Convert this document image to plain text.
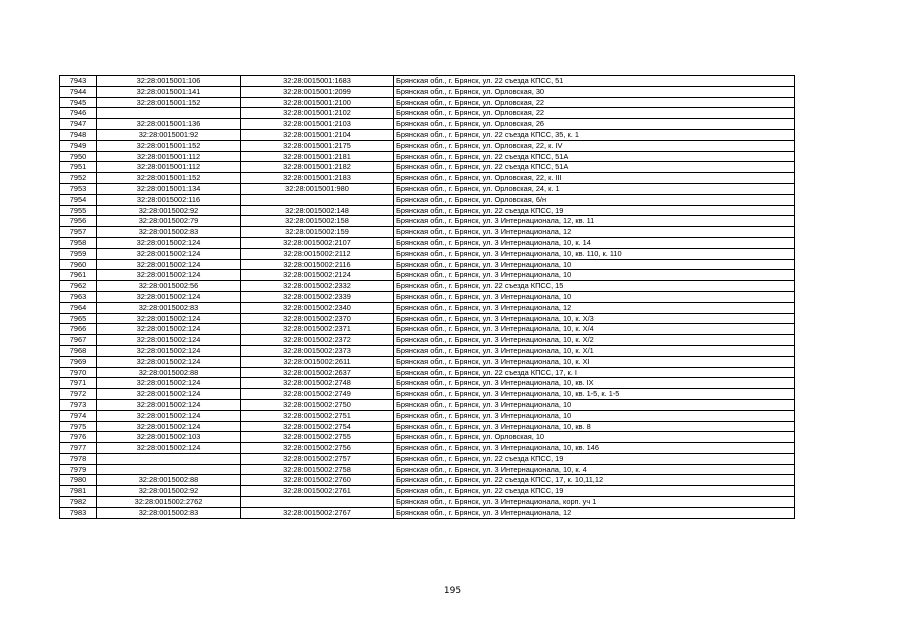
7943	32:28:0015001:106	32:28:0015001:1683	Брянская обл., г. Брянск, ул. 22 съезда КПСС, 51
7944	32:28:0015001:141	32:28:0015001:2099	Брянская обл., г. Брянск, ул. Орловская, 30
7945	32:28:0015001:152	32:28:0015001:2100	Брянская обл., г. Брянск, ул. Орловская, 22
7946		32:28:0015001:2102	Брянская обл., г. Брянск, ул. Орловская, 22
7947	32:28:0015001:136	32:28:0015001:2103	Брянская обл., г. Брянск, ул. Орловская, 26
7948	32:28:0015001:92	32:28:0015001:2104	Брянская обл., г. Брянск, ул. 22 съезда КПСС, 35, к. 1
7949	32:28:0015001:152	32:28:0015001:2175	Брянская обл., г. Брянск, ул. Орловская, 22, к. IV
7950	32:28:0015001:112	32:28:0015001:2181	Брянская обл., г. Брянск, ул. 22 съезда КПСС, 51А
7951	32:28:0015001:112	32:28:0015001:2182	Брянская обл., г. Брянск, ул. 22 съезда КПСС, 51А
7952	32:28:0015001:152	32:28:0015001:2183	Брянская обл., г. Брянск, ул. Орловская, 22, к. III
7953	32:28:0015001:134	32:28:0015001:980	Брянская обл., г. Брянск, ул. Орловская, 24, к. 1
7954	32:28:0015002:116		Брянская обл., г. Брянск, ул. Орловская, 6/н
7955	32:28:0015002:92	32:28:0015002:148	Брянская обл., г. Брянск, ул. 22 съезда КПСС, 19
7956	32:28:0015002:79	32:28:0015002:158	Брянская обл., г. Брянск, ул. 3 Интернационала, 12, кв. 11
7957	32:28:0015002:83	32:28:0015002:159	Брянская обл., г. Брянск, ул. 3 Интернационала, 12
7958	32:28:0015002:124	32:28:0015002:2107	Брянская обл., г. Брянск, ул. 3 Интернационала, 10, к. 14
7959	32:28:0015002:124	32:28:0015002:2112	Брянская обл., г. Брянск, ул. 3 Интернационала, 10, кв. 110, к. 110
7960	32:28:0015002:124	32:28:0015002:2116	Брянская обл., г. Брянск, ул. 3 Интернационала, 10
7961	32:28:0015002:124	32:28:0015002:2124	Брянская обл., г. Брянск, ул. 3 Интернационала, 10
7962	32:28:0015002:56	32:28:0015002:2332	Брянская обл., г. Брянск, ул. 22 съезда КПСС, 15
7963	32:28:0015002:124	32:28:0015002:2339	Брянская обл., г. Брянск, ул. 3 Интернационала, 10
7964	32:28:0015002:83	32:28:0015002:2340	Брянская обл., г. Брянск, ул. 3 Интернационала, 12
7965	32:28:0015002:124	32:28:0015002:2370	Брянская обл., г. Брянск, ул. 3 Интернационала, 10, к. X/3
7966	32:28:0015002:124	32:28:0015002:2371	Брянская обл., г. Брянск, ул. 3 Интернационала, 10, к. X/4
7967	32:28:0015002:124	32:28:0015002:2372	Брянская обл., г. Брянск, ул. 3 Интернационала, 10, к. X/2
7968	32:28:0015002:124	32:28:0015002:2373	Брянская обл., г. Брянск, ул. 3 Интернационала, 10, к. X/1
7969	32:28:0015002:124	32:28:0015002:2611	Брянская обл., г. Брянск, ул. 3 Интернационала, 10, к. XI
7970	32:28:0015002:88	32:28:0015002:2637	Брянская обл., г. Брянск, ул. 22 съезда КПСС, 17, к. I
7971	32:28:0015002:124	32:28:0015002:2748	Брянская обл., г. Брянск, ул. 3 Интернационала, 10, кв. IX
7972	32:28:0015002:124	32:28:0015002:2749	Брянская обл., г. Брянск, ул. 3 Интернационала, 10, кв. 1-5, к. 1-5
7973	32:28:0015002:124	32:28:0015002:2750	Брянская обл., г. Брянск, ул. 3 Интернационала, 10
7974	32:28:0015002:124	32:28:0015002:2751	Брянская обл., г. Брянск, ул. 3 Интернационала, 10
7975	32:28:0015002:124	32:28:0015002:2754	Брянская обл., г. Брянск, ул. 3 Интернационала, 10, кв. 8
7976	32:28:0015002:103	32:28:0015002:2755	Брянская обл., г. Брянск, ул. Орловская, 10
7977	32:28:0015002:124	32:28:0015002:2756	Брянская обл., г. Брянск, ул. 3 Интернационала, 10, кв. 146
7978		32:28:0015002:2757	Брянская обл., г. Брянск, ул. 22 съезда КПСС, 19
7979		32:28:0015002:2758	Брянская обл., г. Брянск, ул. 3 Интернационала, 10, к. 4
7980	32:28:0015002:88	32:28:0015002:2760	Брянская обл., г. Брянск, ул. 22 съезда КПСС, 17, к. 10,11,12
7981	32:28:0015002:92	32:28:0015002:2761	Брянская обл., г. Брянск, ул. 22 съезда КПСС, 19
7982	32:28:0015002:2762		Брянская обл., г. Брянск, ул. 3 Интернационала, корп. уч 1
7983	32:28:0015002:83	32:28:0015002:2767	Брянская обл., г. Брянск, ул. 3 Интернационала, 12
195
